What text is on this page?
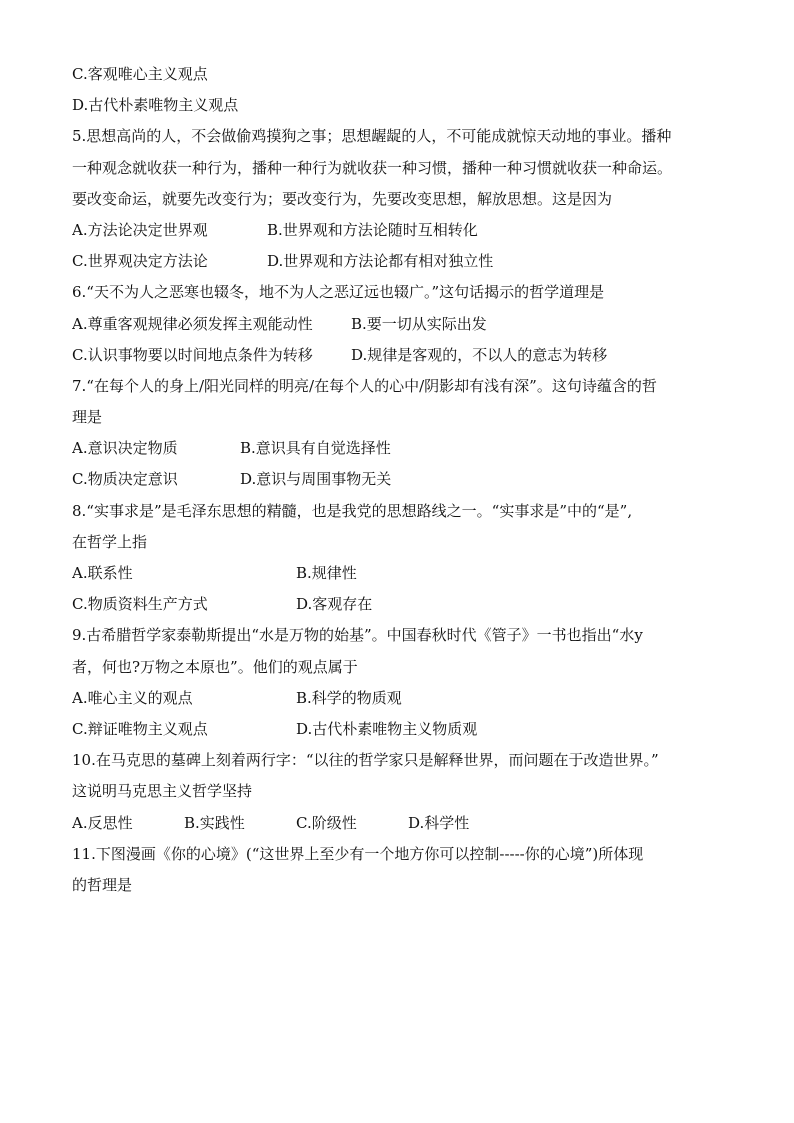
C.客观唯心主义观点
D.古代朴素唯物主义观点
5.思想高尚的人，不会做偷鸡摸狗之事；思想龌龊的人，不可能成就惊天动地的事业。播种
一种观念就收获一种行为，播种一种行为就收获一种习惯，播种一种习惯就收获一种命运。
要改变命运，就要先改变行为；要改变行为，先要改变思想，解放思想。这是因为
A.方法论决定世界观	B.世界观和方法论随时互相转化
C.世界观决定方法论	D.世界观和方法论都有相对独立性
6.“天不为人之恶寒也辍冬，地不为人之恶辽远也辍广。”这句话揭示的哲学道理是
A.尊重客观规律必须发挥主观能动性	B.要一切从实际出发
C.认识事物要以时间地点条件为转移	D.规律是客观的，不以人的意志为转移
7.“在每个人的身上/阳光同样的明亮/在每个人的心中/阴影却有浅有深”。这句诗蕴含的哲
理是
A.意识决定物质	B.意识具有自觉选择性
C.物质决定意识	D.意识与周围事物无关
8.“实事求是”是毛泽东思想的精髓，也是我党的思想路线之一。“实事求是”中的“是”,
在哲学上指
A.联系性	B.规律性
C.物质资料生产方式	D.客观存在
9.古希腊哲学家泰勒斯提出“水是万物的始基”。中国春秋时代《管子》一书也指出“水y
者，何也?万物之本原也”。他们的观点属于
A.唯心主义的观点	B.科学的物质观
C.辩证唯物主义观点	D.古代朴素唯物主义物质观
10.在马克思的墓碑上刻着两行字：“以往的哲学家只是解释世界，而问题在于改造世界。”
这说明马克思主义哲学坚持
A.反思性	B.实践性	C.阶级性	D.科学性
11.下图漫画《你的心境》(“这世界上至少有一个地方你可以控制-----你的心境”)所体现
的哲理是
